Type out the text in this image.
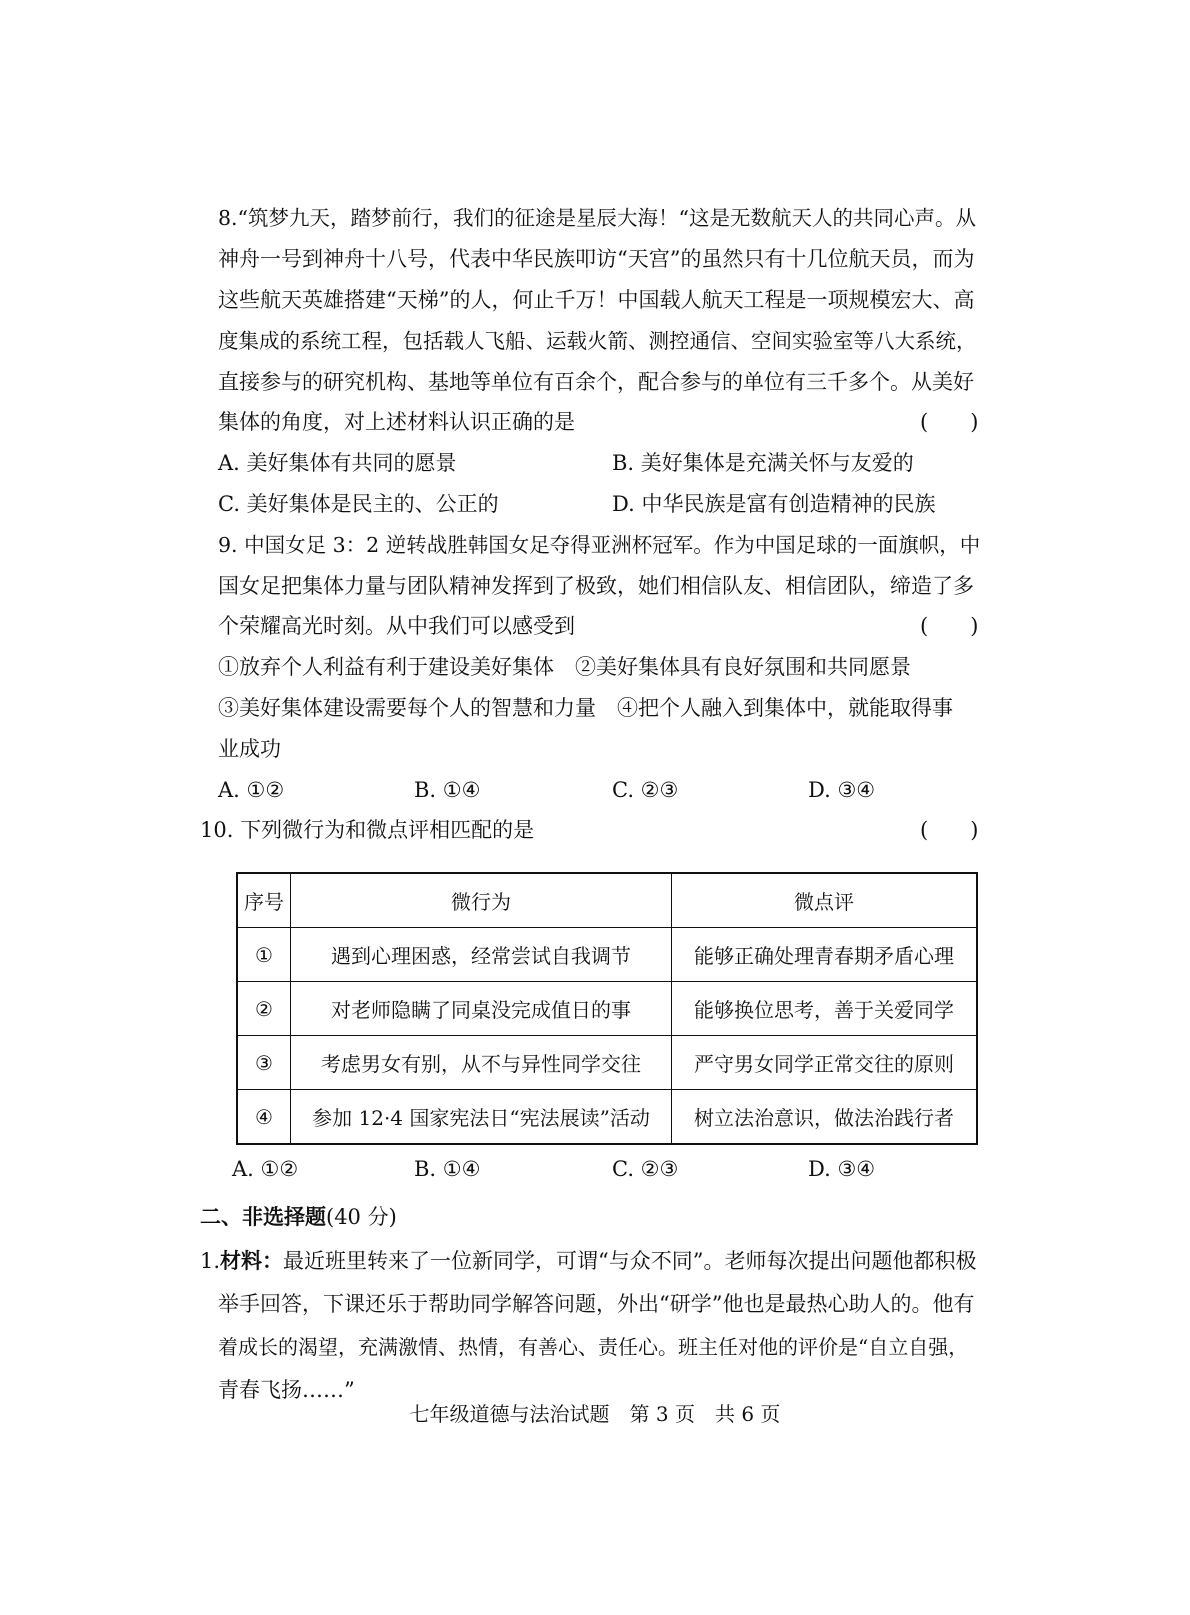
8.“筑梦九天，踏梦前行，我们的征途是星辰大海！“这是无数航天人的共同心声。从
神舟一号到神舟十八号，代表中华民族叩访“天宫”的虽然只有十几位航天员，而为
这些航天英雄搭建“天梯”的人，何止千万！中国载人航天工程是一项规模宏大、高
度集成的系统工程，包括载人飞船、运载火箭、测控通信、空间实验室等八大系统，
直接参与的研究机构、基地等单位有百余个，配合参与的单位有三千多个。从美好
集体的角度，对上述材料认识正确的是	(　　)
A. 美好集体有共同的愿景	B. 美好集体是充满关怀与友爱的
C. 美好集体是民主的、公正的	D. 中华民族是富有创造精神的民族
9. 中国女足 3：2 逆转战胜韩国女足夺得亚洲杯冠军。作为中国足球的一面旗帜，中
国女足把集体力量与团队精神发挥到了极致，她们相信队友、相信团队，缔造了多
个荣耀高光时刻。从中我们可以感受到	(　　)
①放弃个人利益有利于建设美好集体　②美好集体具有良好氛围和共同愿景
③美好集体建设需要每个人的智慧和力量　④把个人融入到集体中，就能取得事
业成功
A. ①②	B. ①④	C. ②③	D. ③④
10. 下列微行为和微点评相匹配的是	(　　)
序号	微行为	微点评
①	遇到心理困惑，经常尝试自我调节	能够正确处理青春期矛盾心理
②	对老师隐瞒了同桌没完成值日的事	能够换位思考，善于关爱同学
③	考虑男女有别，从不与异性同学交往	严守男女同学正常交往的原则
④	参加 12·4 国家宪法日“宪法展读”活动	树立法治意识，做法治践行者
A. ①②	B. ①④	C. ②③	D. ③④
二、非选择题(40 分)
1.材料：最近班里转来了一位新同学，可谓“与众不同”。老师每次提出问题他都积极
举手回答，下课还乐于帮助同学解答问题，外出“研学”他也是最热心助人的。他有
着成长的渴望，充满激情、热情，有善心、责任心。班主任对他的评价是“自立自强，
青春飞扬……”
七年级道德与法治试题　第 3 页　共 6 页
